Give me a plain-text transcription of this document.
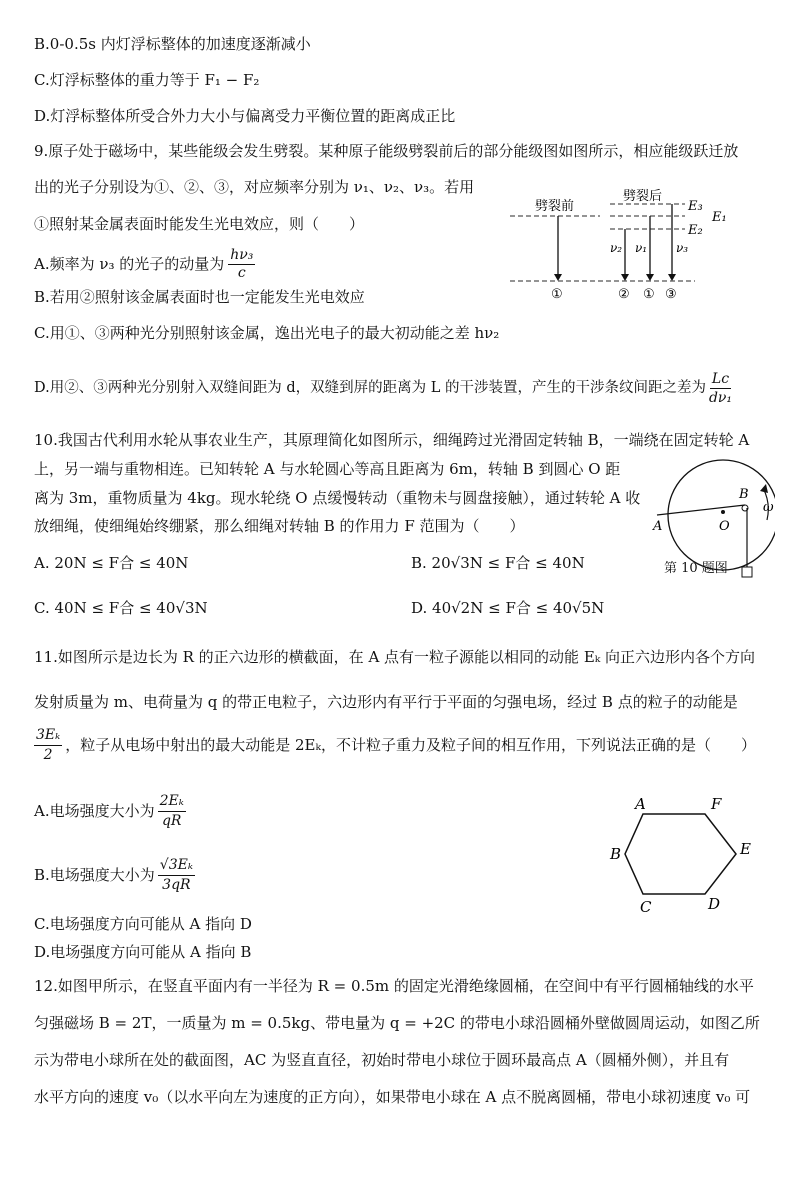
B.0-0.5s 内灯浮标整体的加速度逐渐减小
C.灯浮标整体的重力等于 F₁ − F₂
D.灯浮标整体所受合外力大小与偏离受力平衡位置的距离成正比
9.原子处于磁场中，某些能级会发生劈裂。某种原子能级劈裂前后的部分能级图如图所示，相应能级跃迁放
出的光子分别设为①、②、③，对应频率分别为 ν₁、ν₂、ν₃。若用
①照射某金属表面时能发生光电效应，则（　　）
A.频率为 ν₃ 的光子的动量为 $\frac{\text{hν₃}}{c}$
B.若用②照射该金属表面时也一定能发生光电效应
C.用①、③两种光分别照射该金属，逸出光电子的最大初动能之差 hν₂
D.用②、③两种光分别射入双缝间距为 d，双缝到屏的距离为 L 的干涉装置，产生的干涉条纹间距之差为 $\frac{Lc}{\text{dν₁}}$
劈裂前
劈裂后
E₃
E₁
E₂
ν₂ ν₁ ν₃
①	② ① ③
10.我国古代利用水轮从事农业生产，其原理简化如图所示，细绳跨过光滑固定转轴 B，一端绕在固定转轮 A
上，另一端与重物相连。已知转轮 A 与水轮圆心等高且距离为 6m，转轴 B 到圆心 O 距
离为 3m，重物质量为 4kg。现水轮绕 O 点缓慢转动（重物未与圆盘接触），通过转轮 A 收
放细绳，使细绳始终绷紧，那么细绳对转轴 B 的作用力 F 范围为（　　）
A. 20N ≤ F合 ≤ 40N	B. 20√3N ≤ F合 ≤ 40N
C. 40N ≤ F合 ≤ 40√3N	D. 40√2N ≤ F合 ≤ 40√5N
A
B
O
ω
第 10 题图
11.如图所示是边长为 R 的正六边形的横截面，在 A 点有一粒子源能以相同的动能 Eₖ 向正六边形内各个方向
发射质量为 m、电荷量为 q 的带正电粒子，六边形内有平行于平面的匀强电场，经过 B 点的粒子的动能是
$\frac{\text{3Eₖ}}{2}$ ，粒子从电场中射出的最大动能是 2Eₖ，不计粒子重力及粒子间的相互作用，下列说法正确的是（　　）
A.电场强度大小为 $\frac{\text{2Eₖ}}{qR}$
B.电场强度大小为 $\frac{\text{√3Eₖ}}{3qR}$
C.电场强度方向可能从 A 指向 D
D.电场强度方向可能从 A 指向 B
A	F
B	E
C	D
12.如图甲所示，在竖直平面内有一半径为 R = 0.5m 的固定光滑绝缘圆桶，在空间中有平行圆桶轴线的水平
匀强磁场 B = 2T，一质量为 m = 0.5kg、带电量为 q = +2C 的带电小球沿圆桶外壁做圆周运动，如图乙所
示为带电小球所在处的截面图，AC 为竖直直径，初始时带电小球位于圆环最高点 A（圆桶外侧），并且有
水平方向的速度 v₀（以水平向左为速度的正方向），如果带电小球在 A 点不脱离圆桶，带电小球初速度 v₀ 可
